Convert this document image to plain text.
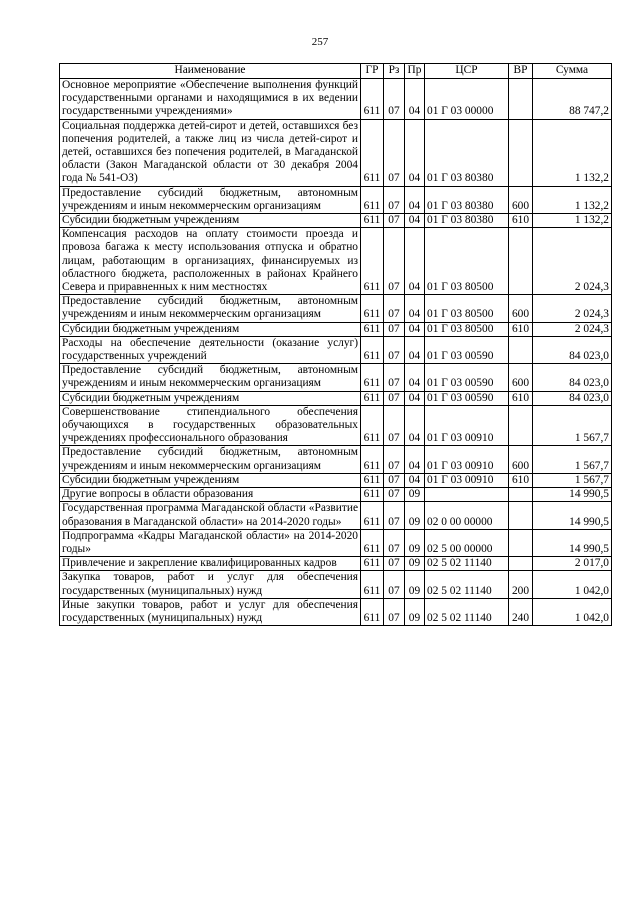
257
Наименование	ГР	Рз	Пр	ЦСР	ВР	Сумма
Основное мероприятие «Обеспечение выполнения функций государственными органами и находящимися в их ведении государственными учреждениями»	611	07	04	01 Г 03 00000		88 747,2
Социальная поддержка детей-сирот и детей, оставшихся без попечения родителей, а также лиц из числа детей-сирот и детей, оставшихся без попечения родителей, в Магаданской области (Закон Магаданской области от 30 декабря 2004 года № 541-ОЗ)	611	07	04	01 Г 03 80380		1 132,2
Предоставление субсидий бюджетным, автономным учреждениям и иным некоммерческим организациям	611	07	04	01 Г 03 80380	600	1 132,2
Субсидии бюджетным учреждениям	611	07	04	01 Г 03 80380	610	1 132,2
Компенсация расходов на оплату стоимости проезда и провоза багажа к месту использования отпуска и обратно лицам, работающим в организациях, финансируемых из областного бюджета, расположенных в районах Крайнего Севера и приравненных к ним местностях	611	07	04	01 Г 03 80500		2 024,3
Предоставление субсидий бюджетным, автономным учреждениям и иным некоммерческим организациям	611	07	04	01 Г 03 80500	600	2 024,3
Субсидии бюджетным учреждениям	611	07	04	01 Г 03 80500	610	2 024,3
Расходы на обеспечение деятельности (оказание услуг) государственных учреждений	611	07	04	01 Г 03 00590		84 023,0
Предоставление субсидий бюджетным, автономным учреждениям и иным некоммерческим организациям	611	07	04	01 Г 03 00590	600	84 023,0
Субсидии бюджетным учреждениям	611	07	04	01 Г 03 00590	610	84 023,0
Совершенствование стипендиального обеспечения обучающихся в государственных образовательных учреждениях профессионального образования	611	07	04	01 Г 03 00910		1 567,7
Предоставление субсидий бюджетным, автономным учреждениям и иным некоммерческим организациям	611	07	04	01 Г 03 00910	600	1 567,7
Субсидии бюджетным учреждениям	611	07	04	01 Г 03 00910	610	1 567,7
Другие вопросы в области образования	611	07	09			14 990,5
Государственная программа Магаданской области «Развитие образования в Магаданской области» на 2014-2020 годы»	611	07	09	02 0 00 00000		14 990,5
Подпрограмма «Кадры Магаданской области» на 2014-2020 годы»	611	07	09	02 5 00 00000		14 990,5
Привлечение и закрепление квалифицированных кадров	611	07	09	02 5 02 11140		2 017,0
Закупка товаров, работ и услуг для обеспечения государственных (муниципальных) нужд	611	07	09	02 5 02 11140	200	1 042,0
Иные закупки товаров, работ и услуг для обеспечения государственных (муниципальных) нужд	611	07	09	02 5 02 11140	240	1 042,0
